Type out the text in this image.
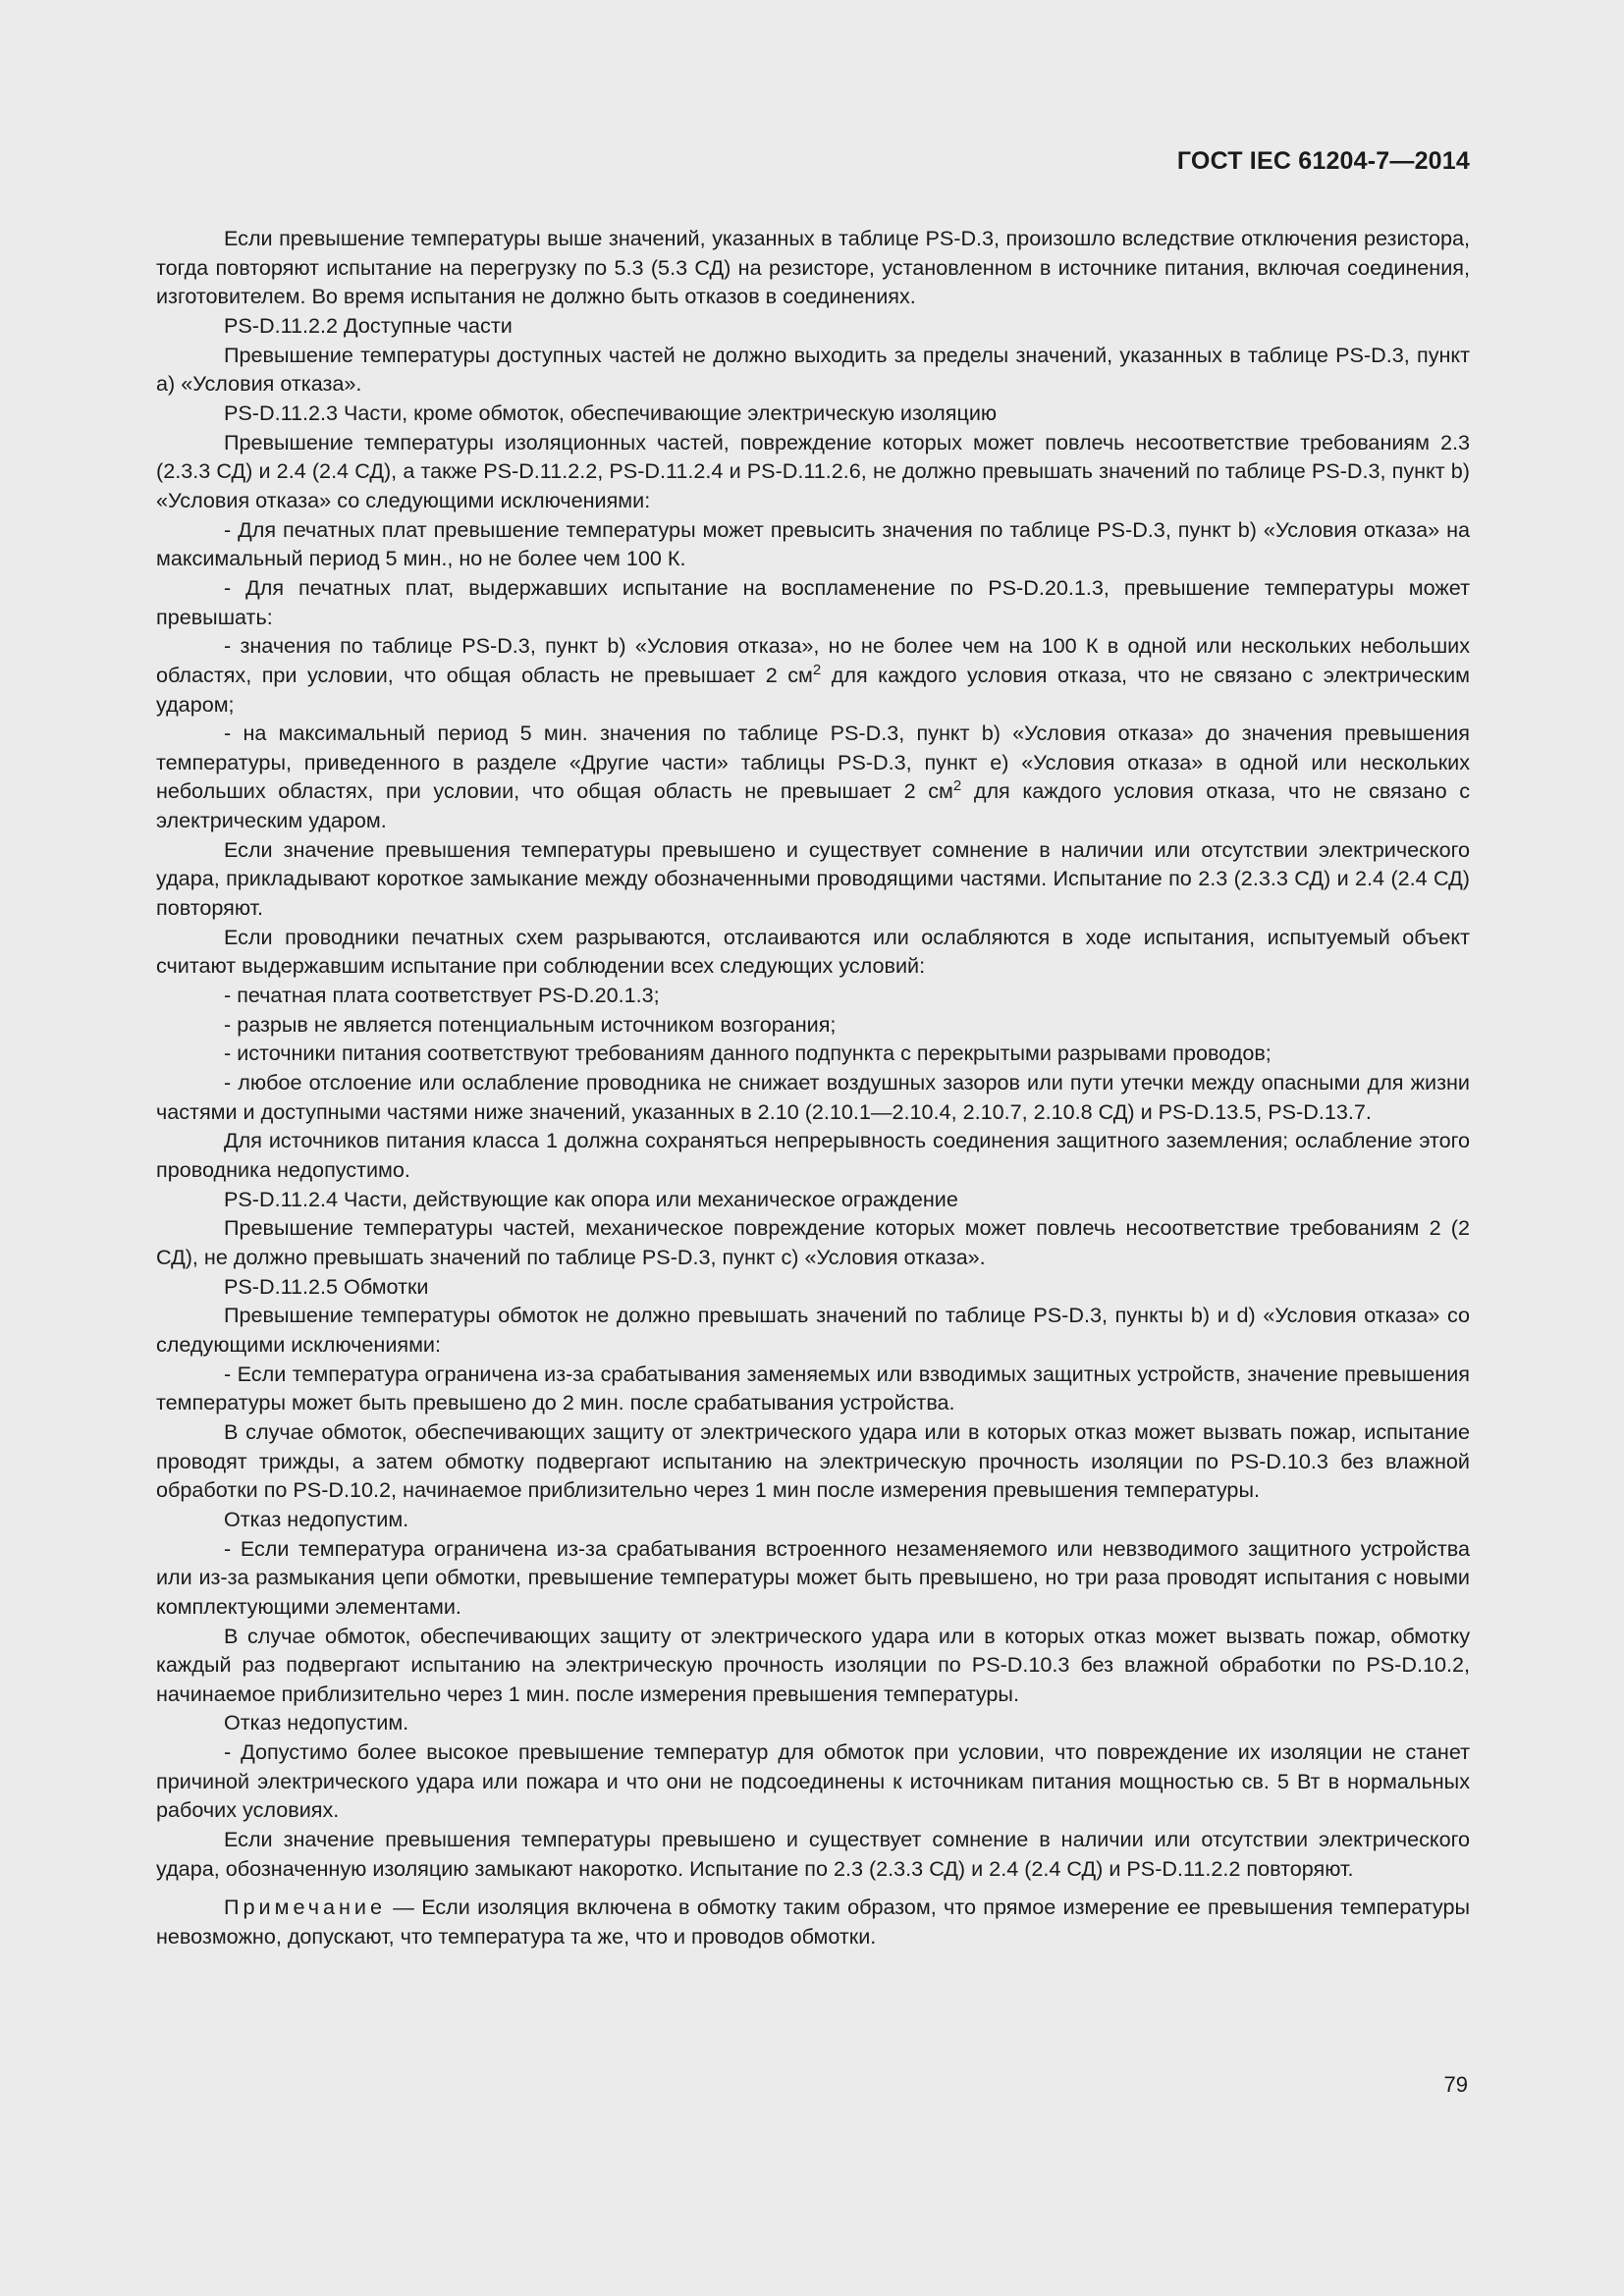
ГОСТ IEC 61204-7—2014

Если превышение температуры выше значений, указанных в таблице PS-D.3, произошло вследствие отключения резистора, тогда повторяют испытание на перегрузку по 5.3 (5.3 СД) на резисторе, установленном в источнике питания, включая соединения, изготовителем. Во время испытания не должно быть отказов в соединениях.

PS-D.11.2.2 Доступные части

Превышение температуры доступных частей не должно выходить за пределы значений, указанных в таблице PS-D.3, пункт а) «Условия отказа».

PS-D.11.2.3 Части, кроме обмоток, обеспечивающие электрическую изоляцию

Превышение температуры изоляционных частей, повреждение которых может повлечь несоответствие требованиям 2.3 (2.3.3 СД) и 2.4 (2.4 СД), а также PS-D.11.2.2, PS-D.11.2.4 и PS-D.11.2.6, не должно превышать значений по таблице PS-D.3, пункт b) «Условия отказа» со следующими исключениями:

- Для печатных плат превышение температуры может превысить значения по таблице PS-D.3, пункт b) «Условия отказа» на максимальный период 5 мин., но не более чем 100 К.

- Для печатных плат, выдержавших испытание на воспламенение по PS-D.20.1.3, превышение температуры может превышать:

- значения по таблице PS-D.3, пункт b) «Условия отказа», но не более чем на 100 К в одной или нескольких небольших областях, при условии, что общая область не превышает 2 $см^2$ для каждого условия отказа, что не связано с электрическим ударом;

- на максимальный период 5 мин. значения по таблице PS-D.3, пункт b) «Условия отказа» до значения превышения температуры, приведенного в разделе «Другие части» таблицы PS-D.3, пункт е) «Условия отказа» в одной или нескольких небольших областях, при условии, что общая область не превышает 2 $см^2$ для каждого условия отказа, что не связано с электрическим ударом.

Если значение превышения температуры превышено и существует сомнение в наличии или отсутствии электрического удара, прикладывают короткое замыкание между обозначенными проводящими частями. Испытание по 2.3 (2.3.3 СД) и 2.4 (2.4 СД) повторяют.

Если проводники печатных схем разрываются, отслаиваются или ослабляются в ходе испытания, испытуемый объект считают выдержавшим испытание при соблюдении всех следующих условий:

- печатная плата соответствует PS-D.20.1.3;

- разрыв не является потенциальным источником возгорания;

- источники питания соответствуют требованиям данного подпункта с перекрытыми разрывами проводов;

- любое отслоение или ослабление проводника не снижает воздушных зазоров или пути утечки между опасными для жизни частями и доступными частями ниже значений, указанных в 2.10 (2.10.1—2.10.4, 2.10.7, 2.10.8 СД) и PS-D.13.5, PS-D.13.7.

Для источников питания класса 1 должна сохраняться непрерывность соединения защитного заземления; ослабление этого проводника недопустимо.

PS-D.11.2.4 Части, действующие как опора или механическое ограждение

Превышение температуры частей, механическое повреждение которых может повлечь несоответствие требованиям 2 (2 СД), не должно превышать значений по таблице PS-D.3, пункт с) «Условия отказа».

PS-D.11.2.5 Обмотки

Превышение температуры обмоток не должно превышать значений по таблице PS-D.3, пункты b) и d) «Условия отказа» со следующими исключениями:

- Если температура ограничена из-за срабатывания заменяемых или взводимых защитных устройств, значение превышения температуры может быть превышено до 2 мин. после срабатывания устройства.

В случае обмоток, обеспечивающих защиту от электрического удара или в которых отказ может вызвать пожар, испытание проводят трижды, а затем обмотку подвергают испытанию на электрическую прочность изоляции по PS-D.10.3 без влажной обработки по PS-D.10.2, начинаемое приблизительно через 1 мин после измерения превышения температуры.

Отказ недопустим.

- Если температура ограничена из-за срабатывания встроенного незаменяемого или невзводимого защитного устройства или из-за размыкания цепи обмотки, превышение температуры может быть превышено, но три раза проводят испытания с новыми комплектующими элементами.

В случае обмоток, обеспечивающих защиту от электрического удара или в которых отказ может вызвать пожар, обмотку каждый раз подвергают испытанию на электрическую прочность изоляции по PS-D.10.3 без влажной обработки по PS-D.10.2, начинаемое приблизительно через 1 мин. после измерения превышения температуры.

Отказ недопустим.

- Допустимо более высокое превышение температур для обмоток при условии, что повреждение их изоляции не станет причиной электрического удара или пожара и что они не подсоединены к источникам питания мощностью св. 5 Вт в нормальных рабочих условиях.

Если значение превышения температуры превышено и существует сомнение в наличии или отсутствии электрического удара, обозначенную изоляцию замыкают накоротко. Испытание по 2.3 (2.3.3 СД) и 2.4 (2.4 СД) и PS-D.11.2.2 повторяют.

Примечание — Если изоляция включена в обмотку таким образом, что прямое измерение ее превышения температуры невозможно, допускают, что температура та же, что и проводов обмотки.

79
